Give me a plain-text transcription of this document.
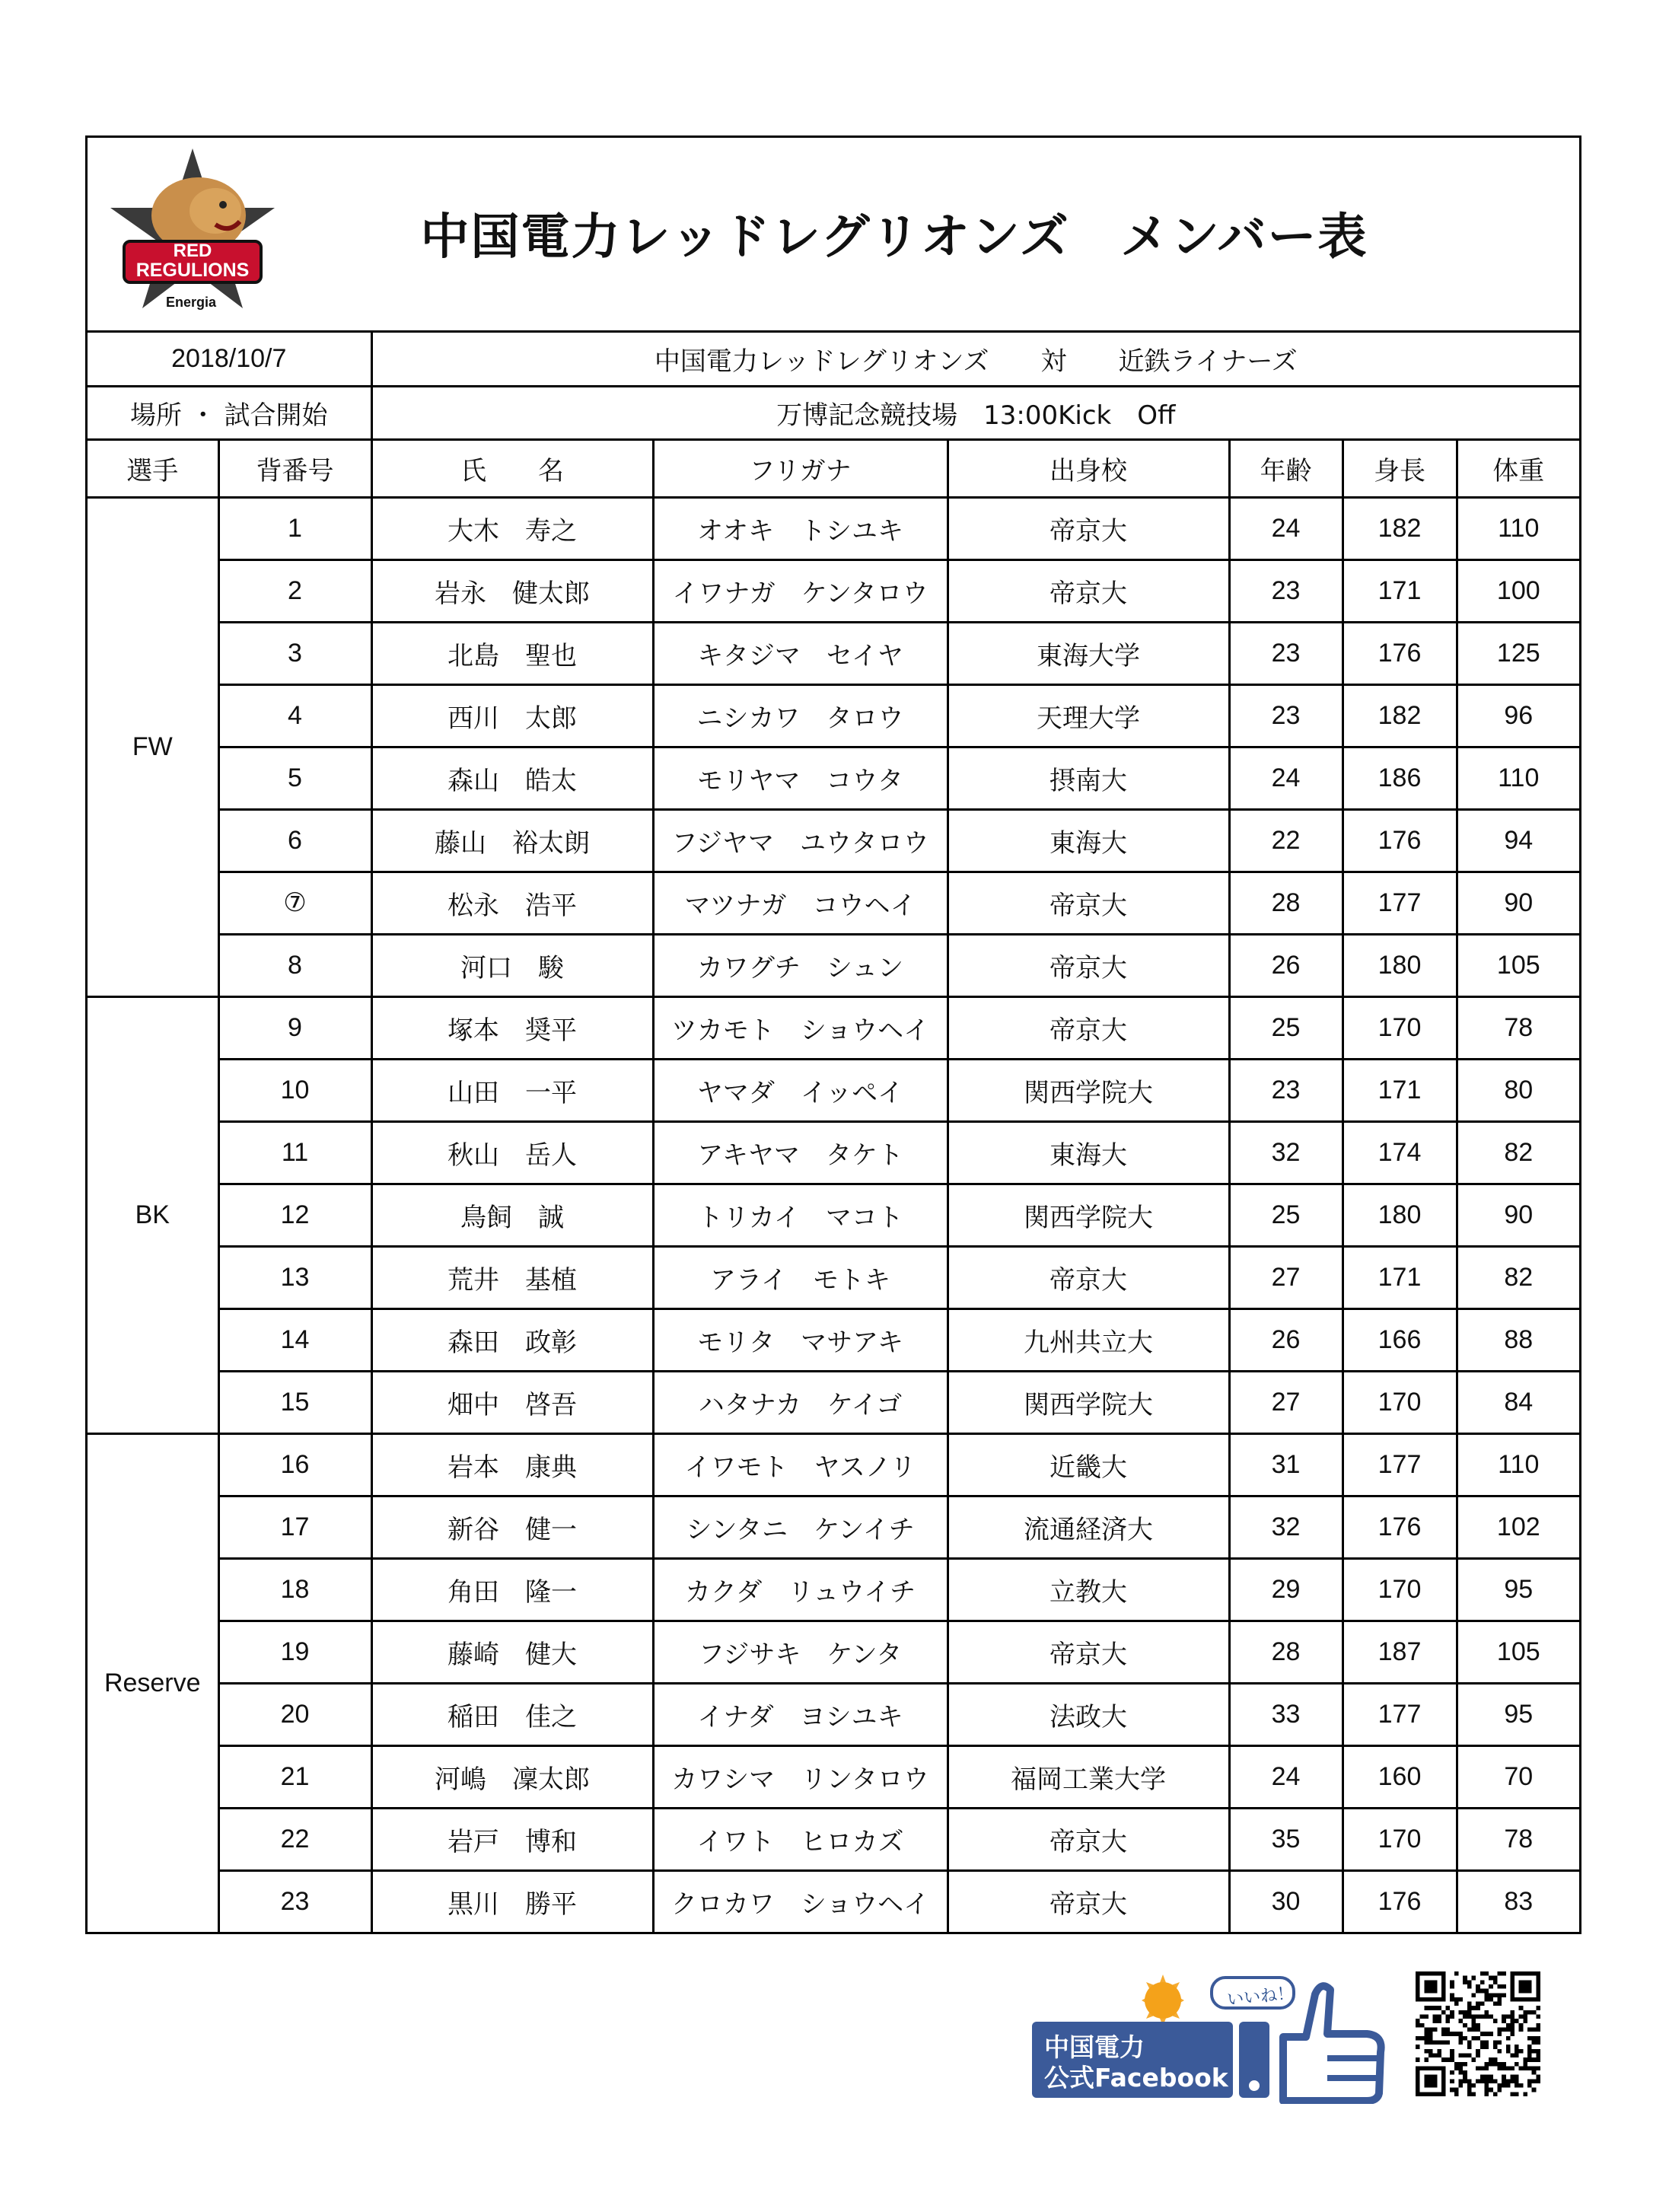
RED
REGULIONS
Energia
中国電力レッドレグリオンズ　メンバー表
2018/10/7		中国電力レッドレグリオンズ　　対　　近鉄ライナーズ					
場所 ・ 試合開始		万博記念競技場　13:00Kick　Off					
選手	背番号	氏　　名	フリガナ	出身校	年齢	身長	体重
FW	1	大木　寿之	オオキ　トシユキ	帝京大	24	182	110
	2	岩永　健太郎	イワナガ　ケンタロウ	帝京大	23	171	100
	3	北島　聖也	キタジマ　セイヤ	東海大学	23	176	125
	4	西川　太郎	ニシカワ　タロウ	天理大学	23	182	96
	5	森山　皓太	モリヤマ　コウタ	摂南大	24	186	110
	6	藤山　裕太朗	フジヤマ　ユウタロウ	東海大	22	176	94
	⑦	松永　浩平	マツナガ　コウヘイ	帝京大	28	177	90
	8	河口　駿	カワグチ　シュン	帝京大	26	180	105
BK	9	塚本　奨平	ツカモト　ショウヘイ	帝京大	25	170	78
	10	山田　一平	ヤマダ　イッペイ	関西学院大	23	171	80
	11	秋山　岳人	アキヤマ　タケト	東海大	32	174	82
	12	鳥飼　誠	トリカイ　マコト	関西学院大	25	180	90
	13	荒井　基植	アライ　モトキ	帝京大	27	171	82
	14	森田　政彰	モリタ　マサアキ	九州共立大	26	166	88
	15	畑中　啓吾	ハタナカ　ケイゴ	関西学院大	27	170	84
Reserve	16	岩本　康典	イワモト　ヤスノリ	近畿大	31	177	110
	17	新谷　健一	シンタニ　ケンイチ	流通経済大	32	176	102
	18	角田　隆一	カクダ　リュウイチ	立教大	29	170	95
	19	藤崎　健大	フジサキ　ケンタ	帝京大	28	187	105
	20	稲田　佳之	イナダ　ヨシユキ	法政大	33	177	95
	21	河嶋　凜太郎	カワシマ　リンタロウ	福岡工業大学	24	160	70
	22	岩戸　博和	イワト　ヒロカズ	帝京大	35	170	78
	23	黒川　勝平	クロカワ　ショウヘイ	帝京大	30	176	83
いいね！
中国電力
公式Facebook
